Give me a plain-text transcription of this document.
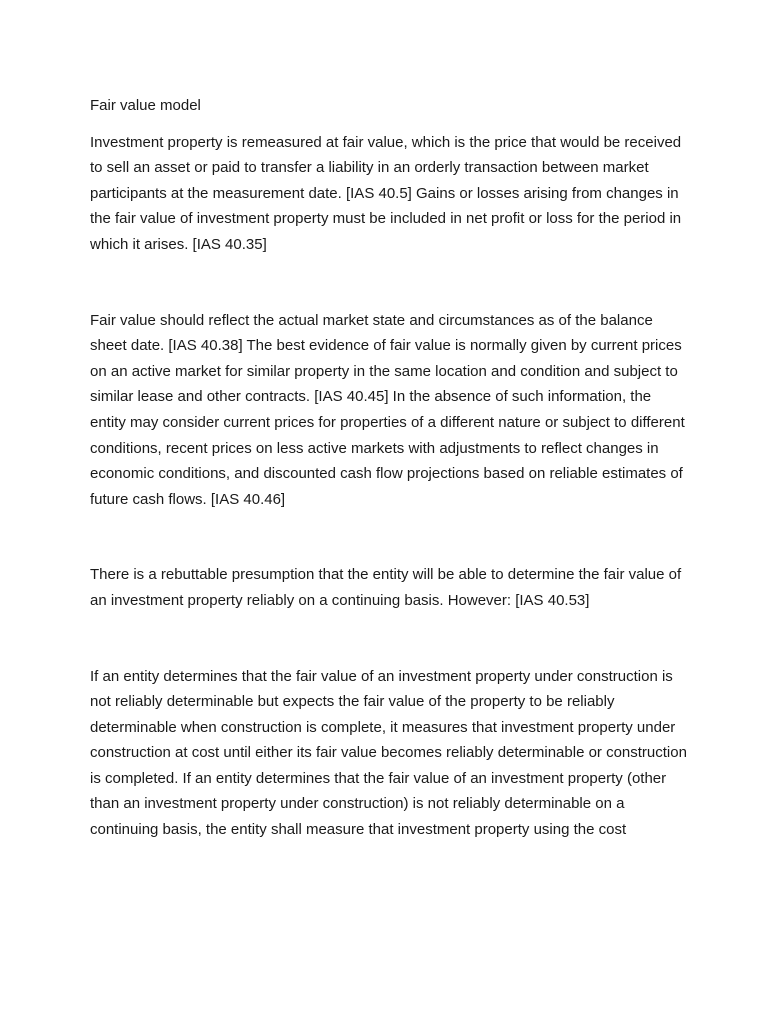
Fair value model

Investment property is remeasured at fair value, which is the price that would be received to sell an asset or paid to transfer a liability in an orderly transaction between market participants at the measurement date. [IAS 40.5] Gains or losses arising from changes in the fair value of investment property must be included in net profit or loss for the period in which it arises. [IAS 40.35]

Fair value should reflect the actual market state and circumstances as of the balance sheet date. [IAS 40.38] The best evidence of fair value is normally given by current prices on an active market for similar property in the same location and condition and subject to similar lease and other contracts. [IAS 40.45] In the absence of such information, the entity may consider current prices for properties of a different nature or subject to different conditions, recent prices on less active markets with adjustments to reflect changes in economic conditions, and discounted cash flow projections based on reliable estimates of future cash flows. [IAS 40.46]

There is a rebuttable presumption that the entity will be able to determine the fair value of an investment property reliably on a continuing basis. However: [IAS 40.53]

If an entity determines that the fair value of an investment property under construction is not reliably determinable but expects the fair value of the property to be reliably determinable when construction is complete, it measures that investment property under construction at cost until either its fair value becomes reliably determinable or construction is completed. If an entity determines that the fair value of an investment property (other than an investment property under construction) is not reliably determinable on a continuing basis, the entity shall measure that investment property using the cost
